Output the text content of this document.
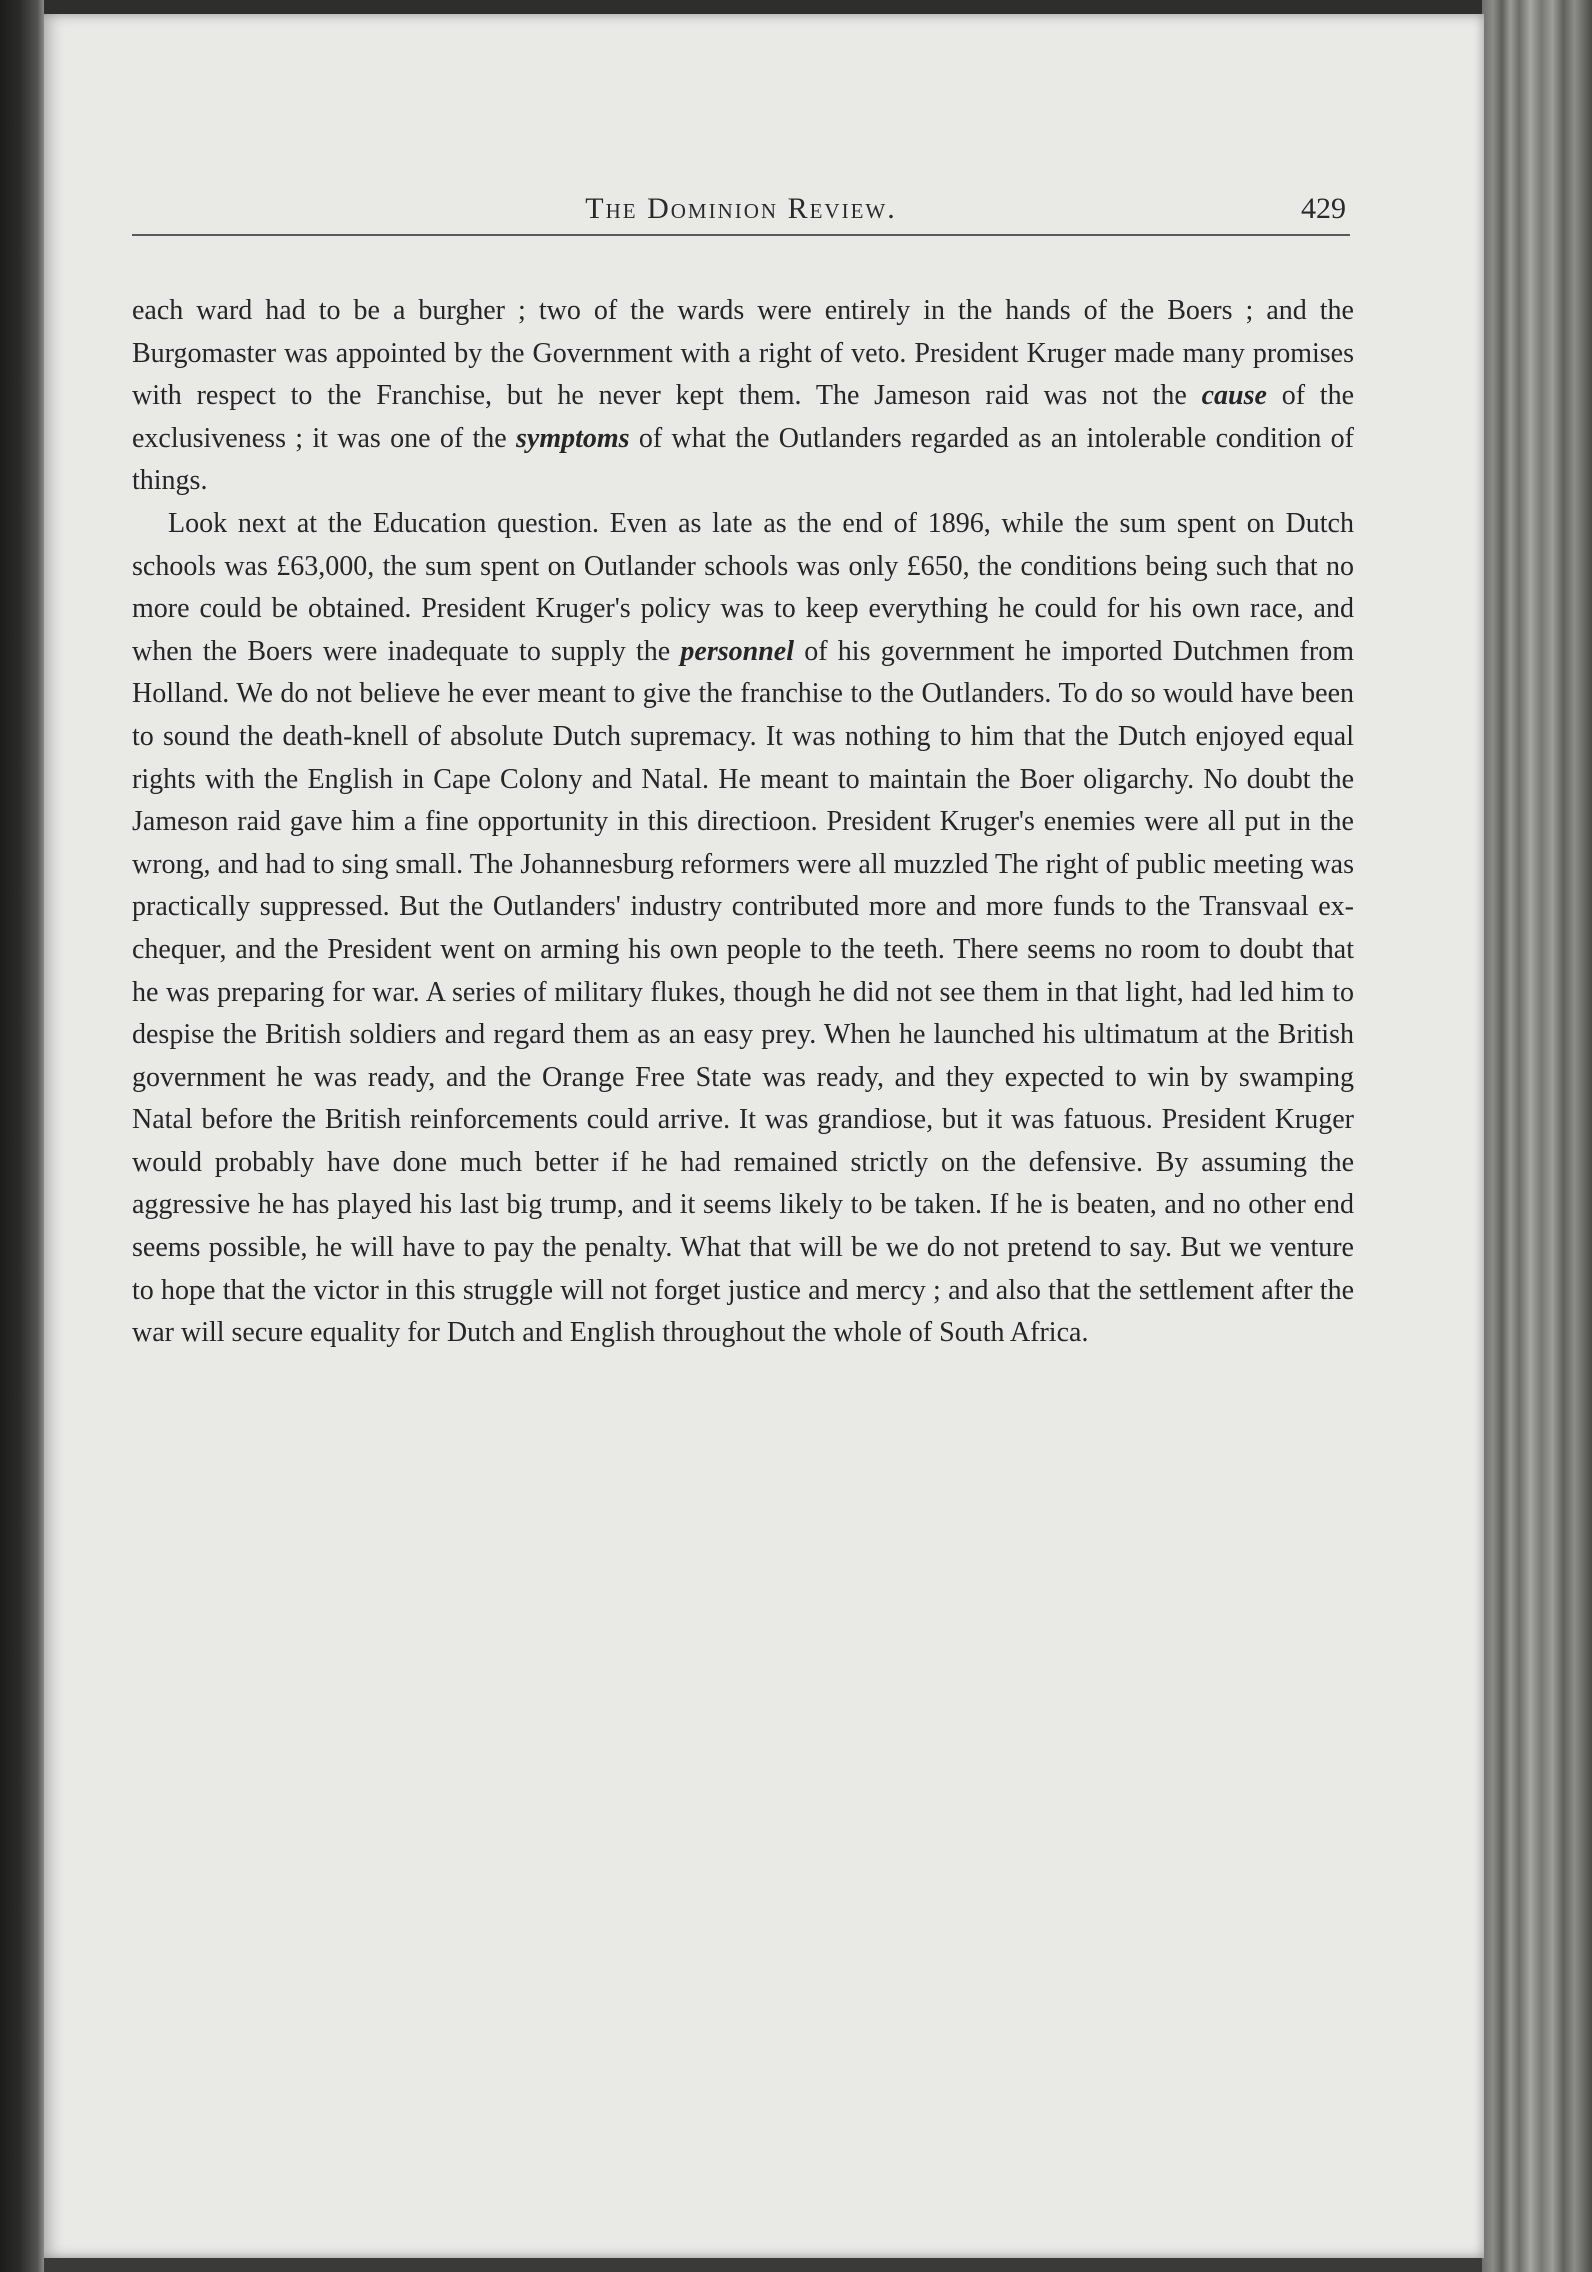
The Dominion Review.	429

each ward had to be a burgher ; two of the wards were entirely in the hands of the Boers ; and the Burgomaster was appointed by the Government with a right of veto. President Kruger made many promises with respect to the Franchise, but he never kept them. The Jameson raid was not the cause of the exclusiveness ; it was one of the symptoms of what the Outlanders regarded as an intolerable condition of things.

Look next at the Education question. Even as late as the end of 1896, while the sum spent on Dutch schools was £63,000, the sum spent on Outlander schools was only £650, the conditions being such that no more could be obtained. President Kruger's policy was to keep everything he could for his own race, and when the Boers were inadequate to supply the personnel of his government he imported Dutchmen from Holland. We do not believe he ever meant to give the franchise to the Outlanders. To do so would have been to sound the death-knell of absolute Dutch supremacy. It was nothing to him that the Dutch enjoyed equal rights with the English in Cape Colony and Natal. He meant to maintain the Boer oligarchy. No doubt the Jameson raid gave him a fine opportunity in this directioon. President Kruger's enemies were all put in the wrong, and had to sing small. The Johannesburg reformers were all muzzled The right of public meeting was practically suppressed. But the Outlanders' industry contributed more and more funds to the Transvaal exchequer, and the President went on arming his own people to the teeth. There seems no room to doubt that he was preparing for war. A series of military flukes, though he did not see them in that light, had led him to despise the British soldiers and regard them as an easy prey. When he launched his ultimatum at the British government he was ready, and the Orange Free State was ready, and they expected to win by swamping Natal before the British reinforcements could arrive. It was grandiose, but it was fatuous. President Kruger would probably have done much better if he had remained strictly on the defensive. By assuming the aggressive he has played his last big trump, and it seems likely to be taken. If he is beaten, and no other end seems possible, he will have to pay the penalty. What that will be we do not pretend to say. But we venture to hope that the victor in this struggle will not forget justice and mercy ; and also that the settlement after the war will secure equality for Dutch and English throughout the whole of South Africa.
